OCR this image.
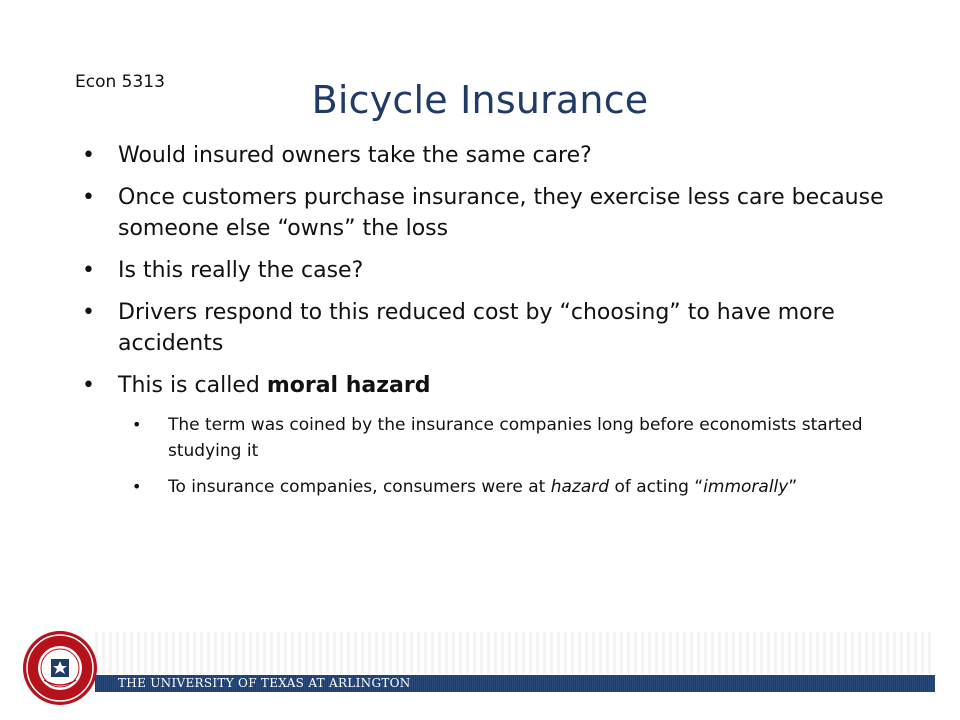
Econ 5313	Bicycle Insurance
• Would insured owners take the same care?
• Once customers purchase insurance, they exercise less care because someone else “owns” the loss
• Is this really the case?
• Drivers respond to this reduced cost by “choosing” to have more accidents
• This is called moral hazard
• The term was coined by the insurance companies long before economists started studying it
• To insurance companies, consumers were at hazard of acting “immorally”
THE UNIVERSITY OF TEXAS AT ARLINGTON
